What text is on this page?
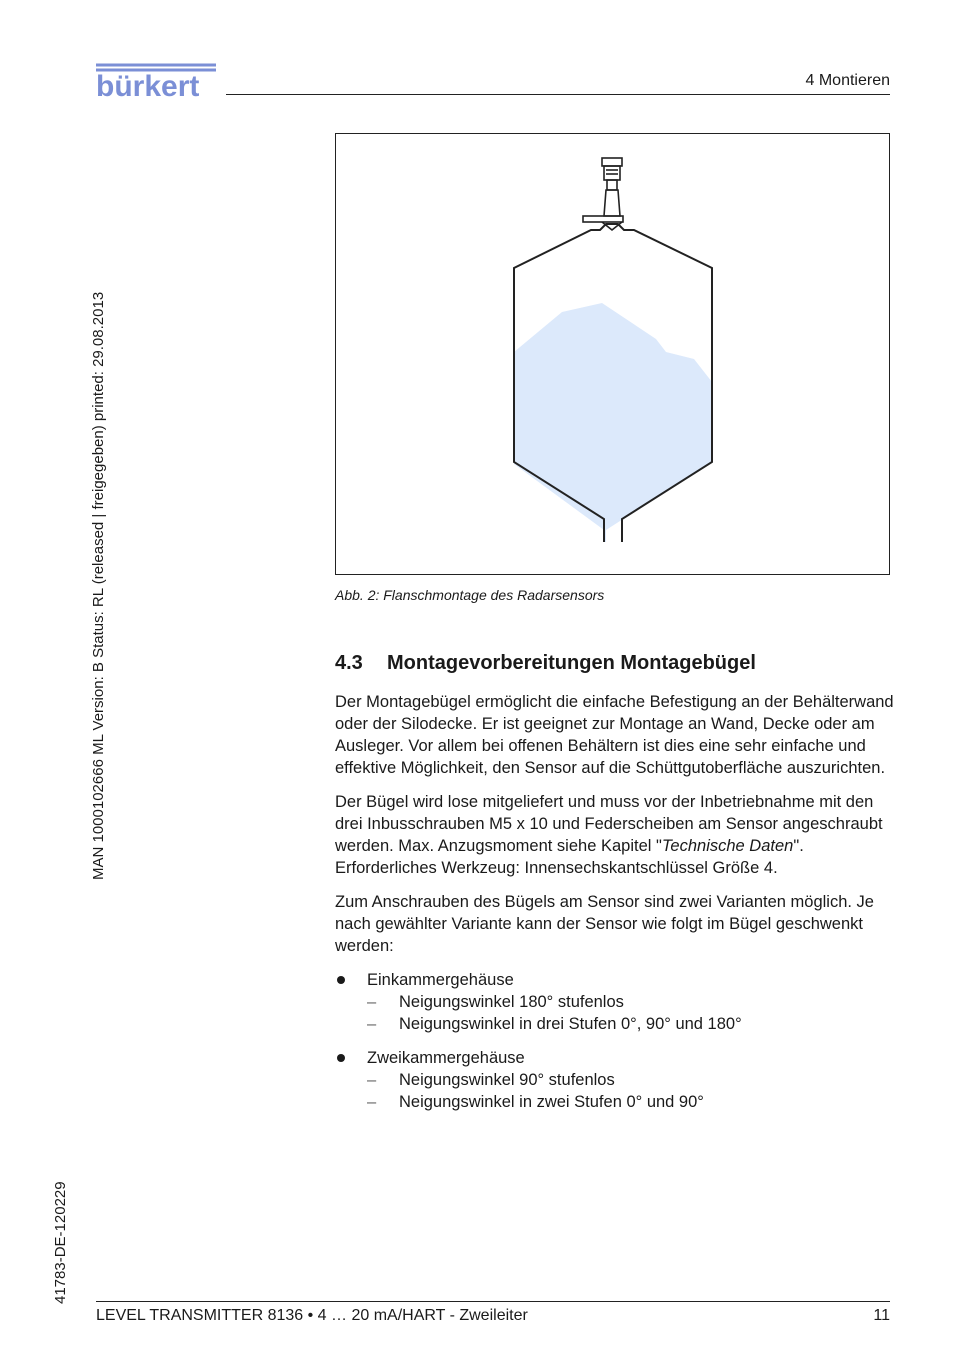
bürkert	4 Montieren
MAN 1000102666 ML Version: B Status: RL (released | freigegeben) printed: 29.08.2013
41783-DE-120229
Abb. 2: Flanschmontage des Radarsensors
4.3 Montagevorbereitungen Montagebügel

Der Montagebügel ermöglicht die einfache Befestigung an der Behälterwand oder der Silodecke. Er ist geeignet zur Montage an Wand, Decke oder am Ausleger. Vor allem bei offenen Behältern ist dies eine sehr einfache und effektive Möglichkeit, den Sensor auf die Schüttgutoberfläche auszurichten.

Der Bügel wird lose mitgeliefert und muss vor der Inbetriebnahme mit den drei Inbusschrauben M5 x 10 und Federscheiben am Sensor angeschraubt werden. Max. Anzugsmoment siehe Kapitel "Technische Daten". Erforderliches Werkzeug: Innensechskantschlüssel Größe 4.

Zum Anschrauben des Bügels am Sensor sind zwei Varianten möglich. Je nach gewählter Variante kann der Sensor wie folgt im Bügel geschwenkt werden:

Einkammergehäuse
– Neigungswinkel 180° stufenlos
– Neigungswinkel in drei Stufen 0°, 90° und 180°
Zweikammergehäuse
– Neigungswinkel 90° stufenlos
– Neigungswinkel in zwei Stufen 0° und 90°
LEVEL TRANSMITTER 8136 • 4 … 20 mA/HART - Zweileiter	11
